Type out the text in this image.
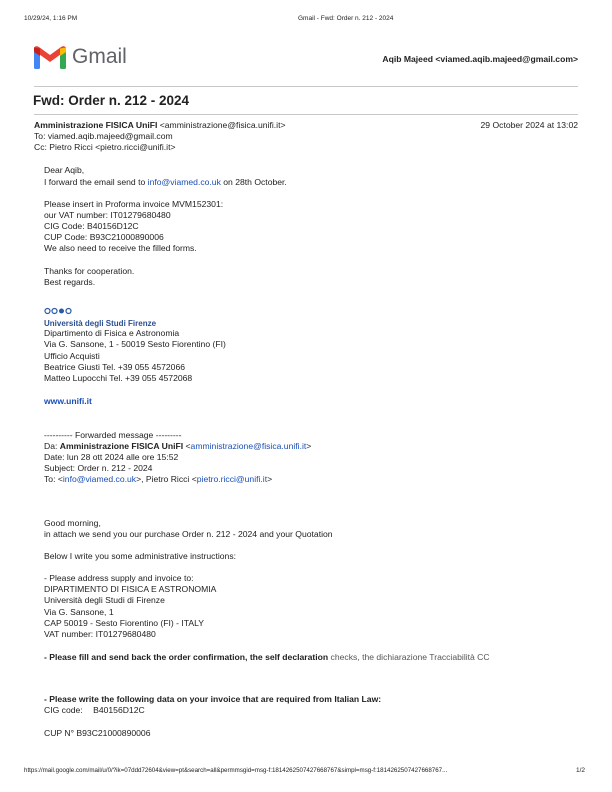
10/29/24, 1:16 PM	Gmail - Fwd: Order n. 212 - 2024
Gmail	Aqib Majeed <viamed.aqib.majeed@gmail.com>
Fwd: Order n. 212 - 2024
Amministrazione FISICA UniFI <amministrazione@fisica.unifi.it>	29 October 2024 at 13:02
To: viamed.aqib.majeed@gmail.com
Cc: Pietro Ricci <pietro.ricci@unifi.it>
Dear Aqib,
I forward the email send to info@viamed.co.uk on 28th October.
Please insert in Proforma invoice MVM152301:
our VAT number: IT01279680480
CIG Code: B40156D12C
CUP Code: B93C21000890006
We also need to receive the filled forms.
Thanks for cooperation.
Best regards.
Università degli Studi Firenze
Dipartimento di Fisica e Astronomia
Via G. Sansone, 1 - 50019 Sesto Fiorentino (FI)
Ufficio Acquisti
Beatrice Giusti Tel. +39 055 4572066
Matteo Lupocchi Tel. +39 055 4572068
www.unifi.it
---------- Forwarded message ---------
Da: Amministrazione FISICA UniFI <amministrazione@fisica.unifi.it>
Date: lun 28 ott 2024 alle ore 15:52
Subject: Order n. 212 - 2024
To: <info@viamed.co.uk>, Pietro Ricci <pietro.ricci@unifi.it>
Good morning,
in attach we send you our purchase Order n. 212 - 2024 and your Quotation
Below I write you some administrative instructions:
- Please address supply and invoice to:
DIPARTIMENTO DI FISICA E ASTRONOMIA
Università degli Studi di Firenze
Via G. Sansone, 1
CAP 50019 - Sesto Fiorentino (FI) - ITALY
VAT number: IT01279680480
- Please fill and send back the order confirmation, the self declaration checks, the dichiarazione Tracciabilità CC
- Please write the following data on your invoice that are required from Italian Law:
CIG code: B40156D12C
CUP N° B93C21000890006
https://mail.google.com/mail/u/0/?ik=07ddd72604&view=pt&search=all&permmsgid=msg-f:1814262507427668767&simpl=msg-f:1814262507427668767...	1/2
